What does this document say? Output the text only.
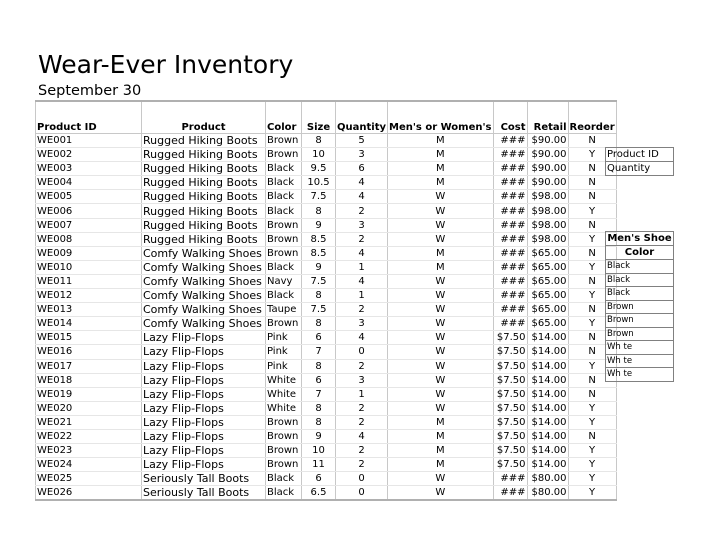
Wear-Ever Inventory
September 30
Product ID	Product	Color	Size	Quantity	Men's or Women's	Cost	Retail	Reorder
WE001	Rugged Hiking Boots	Brown	8	5	M	###	$90.00	N
WE002	Rugged Hiking Boots	Brown	10	3	M	###	$90.00	Y
WE003	Rugged Hiking Boots	Black	9.5	6	M	###	$90.00	N
WE004	Rugged Hiking Boots	Black	10.5	4	M	###	$90.00	N
WE005	Rugged Hiking Boots	Black	7.5	4	W	###	$98.00	N
WE006	Rugged Hiking Boots	Black	8	2	W	###	$98.00	Y
WE007	Rugged Hiking Boots	Brown	9	3	W	###	$98.00	N
WE008	Rugged Hiking Boots	Brown	8.5	2	W	###	$98.00	Y
WE009	Comfy Walking Shoes	Brown	8.5	4	M	###	$65.00	N
WE010	Comfy Walking Shoes	Black	9	1	M	###	$65.00	Y
WE011	Comfy Walking Shoes	Navy	7.5	4	W	###	$65.00	N
WE012	Comfy Walking Shoes	Black	8	1	W	###	$65.00	Y
WE013	Comfy Walking Shoes	Taupe	7.5	2	W	###	$65.00	N
WE014	Comfy Walking Shoes	Brown	8	3	W	###	$65.00	Y
WE015	Lazy Flip-Flops	Pink	6	4	W	$7.50	$14.00	N
WE016	Lazy Flip-Flops	Pink	7	0	W	$7.50	$14.00	N
WE017	Lazy Flip-Flops	Pink	8	2	W	$7.50	$14.00	Y
WE018	Lazy Flip-Flops	White	6	3	W	$7.50	$14.00	N
WE019	Lazy Flip-Flops	White	7	1	W	$7.50	$14.00	N
WE020	Lazy Flip-Flops	White	8	2	W	$7.50	$14.00	Y
WE021	Lazy Flip-Flops	Brown	8	2	M	$7.50	$14.00	Y
WE022	Lazy Flip-Flops	Brown	9	4	M	$7.50	$14.00	N
WE023	Lazy Flip-Flops	Brown	10	2	M	$7.50	$14.00	Y
WE024	Lazy Flip-Flops	Brown	11	2	M	$7.50	$14.00	Y
WE025	Seriously Tall Boots	Black	6	0	W	###	$80.00	Y
WE026	Seriously Tall Boots	Black	6.5	0	W	###	$80.00	Y
Product ID
Quantity
Men's Shoe
Color
Black
Black
Black
Brown
Brown
Brown
Wh te
Wh te
Wh te
